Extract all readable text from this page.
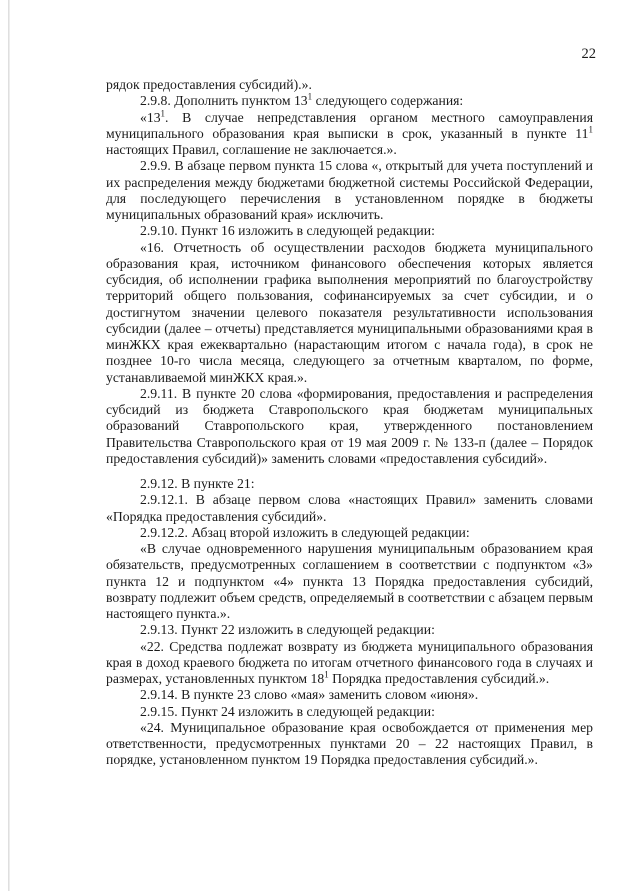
22

рядок предоставления субсидий).».

2.9.8. Дополнить пунктом $13^1$ следующего содержания:

«$13^1$. В случае непредставления органом местного самоуправления муниципального образования края выписки в срок, указанный в пункте $11^1$ настоящих Правил, соглашение не заключается.».

2.9.9. В абзаце первом пункта 15 слова «, открытый для учета поступлений и их распределения между бюджетами бюджетной системы Российской Федерации, для последующего перечисления в установленном порядке в бюджеты муниципальных образований края» исключить.

2.9.10. Пункт 16 изложить в следующей редакции:

«16. Отчетность об осуществлении расходов бюджета муниципального образования края, источником финансового обеспечения которых является субсидия, об исполнении графика выполнения мероприятий по благоустройству территорий общего пользования, софинансируемых за счет субсидии, и о достигнутом значении целевого показателя результативности использования субсидии (далее – отчеты) представляется муниципальными образованиями края в минЖКХ края ежеквартально (нарастающим итогом с начала года), в срок не позднее 10-го числа месяца, следующего за отчетным кварталом, по форме, устанавливаемой минЖКХ края.».

2.9.11. В пункте 20 слова «формирования, предоставления и распределения субсидий из бюджета Ставропольского края бюджетам муниципальных образований Ставропольского края, утвержденного постановлением Правительства Ставропольского края от 19 мая 2009 г. № 133-п (далее – Порядок предоставления субсидий)» заменить словами «предоставления субсидий».

2.9.12. В пункте 21:

2.9.12.1. В абзаце первом слова «настоящих Правил» заменить словами «Порядка предоставления субсидий».

2.9.12.2. Абзац второй изложить в следующей редакции:

«В случае одновременного нарушения муниципальным образованием края обязательств, предусмотренных соглашением в соответствии с подпунктом «3» пункта 12 и подпунктом «4» пункта 13 Порядка предоставления субсидий, возврату подлежит объем средств, определяемый в соответствии с абзацем первым настоящего пункта.».

2.9.13. Пункт 22 изложить в следующей редакции:

«22. Средства подлежат возврату из бюджета муниципального образования края в доход краевого бюджета по итогам отчетного финансового года в случаях и размерах, установленных пунктом $18^1$ Порядка предоставления субсидий.».

2.9.14. В пункте 23 слово «мая» заменить словом «июня».

2.9.15. Пункт 24 изложить в следующей редакции:

«24. Муниципальное образование края освобождается от применения мер ответственности, предусмотренных пунктами 20 – 22 настоящих Правил, в порядке, установленном пунктом 19 Порядка предоставления субсидий.».
